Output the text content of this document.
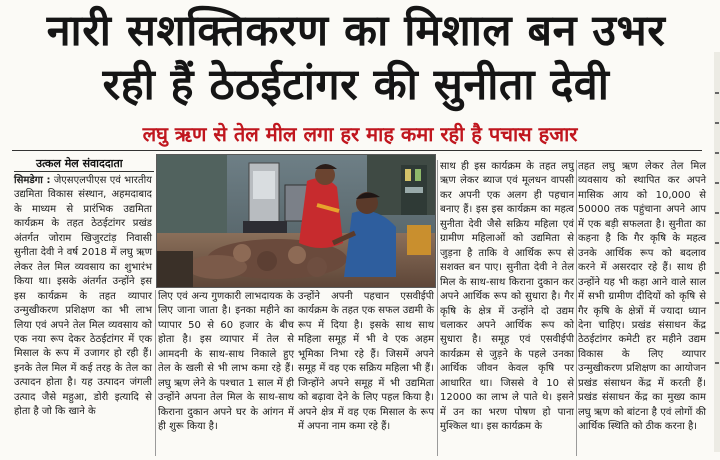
नारी सशक्तिकरण का मिशाल बन उभर
रही हैं ठेठईटांगर की सुनीता देवी
लघु ऋण से तेल मील लगा हर माह कमा रही है पचास हजार
उत्कल मेल संवाददाता

सिमडेगा : जेएसएलपीएस एवं भारतीय उद्यमिता विकास संस्थान, अहमदाबाद के माध्यम से प्रारंभिक उद्यमिता कार्यक्रम के तहत ठेठईटांगर प्रखंड अंतर्गत जोराम खिजुरटांड़ निवासी सुनीता देवी ने वर्ष 2018 में लघु ऋण लेकर तेल मिल व्यवसाय का शुभारंभ किया था। इसके अंतर्गत उन्होंने इस इस कार्यक्रम के तहत व्यापार उन्मुखीकरण प्रशिक्षण का भी लाभ लिया एवं अपने तेल मिल व्यवसाय को एक नया रूप देकर ठेठईटांगर में एक मिसाल के रूप में उजागर हो रही हैं। इनके तेल मिल में कई तरह के तेल का उत्पादन होता है। यह उत्पादन जंगली उत्पाद जैसे महुआ, डोरी इत्यादि से होता है जो कि खाने के

लिए एवं अन्य गुणकारी लाभदायक के लिए जाना जाता है। इनका महीने का प्यापार 50 से 60 हजार के बीच होता है। इस व्यापार में तेल से आमदनी के साथ-साथ निकाले हुए तेल के खली से भी लाभ कमा रहे हैं। लघु ऋण लेने के पश्चात 1 साल में ही उन्होंने अपना तेल मिल के साथ-साथ किराना दुकान अपने घर के आंगन में ही शुरू किया है।

उन्होंने अपनी पहचान एसवीईपी कार्यक्रम के तहत एक सफल उद्यमी के रूप में दिया है। इसके साथ साथ महिला समूह में भी वे एक अहम भूमिका निभा रहे हैं। जिसमें अपने समूह में वह एक सक्रिय महिला भी हैं। जिन्होंने अपने समूह में भी उद्यमिता को बढ़ावा देने के लिए पहल किया है। अपने क्षेत्र में वह एक मिसाल के रूप में अपना नाम कमा रहे हैं।

साथ ही इस कार्यक्रम के तहत लघु ऋण लेकर ब्याज एवं मूलधन वापसी कर अपनी एक अलग ही पहचान बनाए हैं। इस इस कार्यक्रम का महत्व सुनीता देवी जैसे सक्रिय महिला एवं ग्रामीण महिलाओं को उद्यमिता से जुड़ना है ताकि वे आर्थिक रूप से सशक्त बन पाए। सुनीता देवी ने तेल मिल के साथ-साथ किराना दुकान कर अपने आर्थिक रूप को सुधारा है। गैर कृषि के क्षेत्र में उन्होंने दो उद्यम चलाकर अपने आर्थिक रूप को सुधारा है। समूह एवं एसवीईपी कार्यक्रम से जुड़ने के पहले उनका आर्थिक जीवन केवल कृषि पर आधारित था। जिससे वे 10 से 12000 का लाभ ले पाते थे। इसने में उन का भरण पोषण हो पाना मुश्किल था। इस कार्यक्रम के

तहत लघु ऋण लेकर तेल मिल व्यवसाय को स्थापित कर अपने मासिक आय को 10,000 से 50000 तक पहुंचाना अपने आप में एक बड़ी सफलता है। सुनीता का कहना है कि गैर कृषि के महत्व उनके आर्थिक रूप को बदलाव करने में असरदार रहे हैं। साथ ही उन्होंने यह भी कहा आने वाले साल में सभी ग्रामीण दीदियों को कृषि से गैर कृषि के क्षेत्रों में ज्यादा ध्यान देना चाहिए। प्रखंड संसाधन केंद्र ठेठईटांगर कमेटी हर महीने उद्यम विकास के लिए व्यापार उन्मुखीकरण प्रशिक्षण का आयोजन प्रखंड संसाधन केंद्र में करती हैं। प्रखंड संसाधन केंद्र का मुख्य काम लघु ऋण को बांटना है एवं लोगों की आर्थिक स्थिति को ठीक करना है।
